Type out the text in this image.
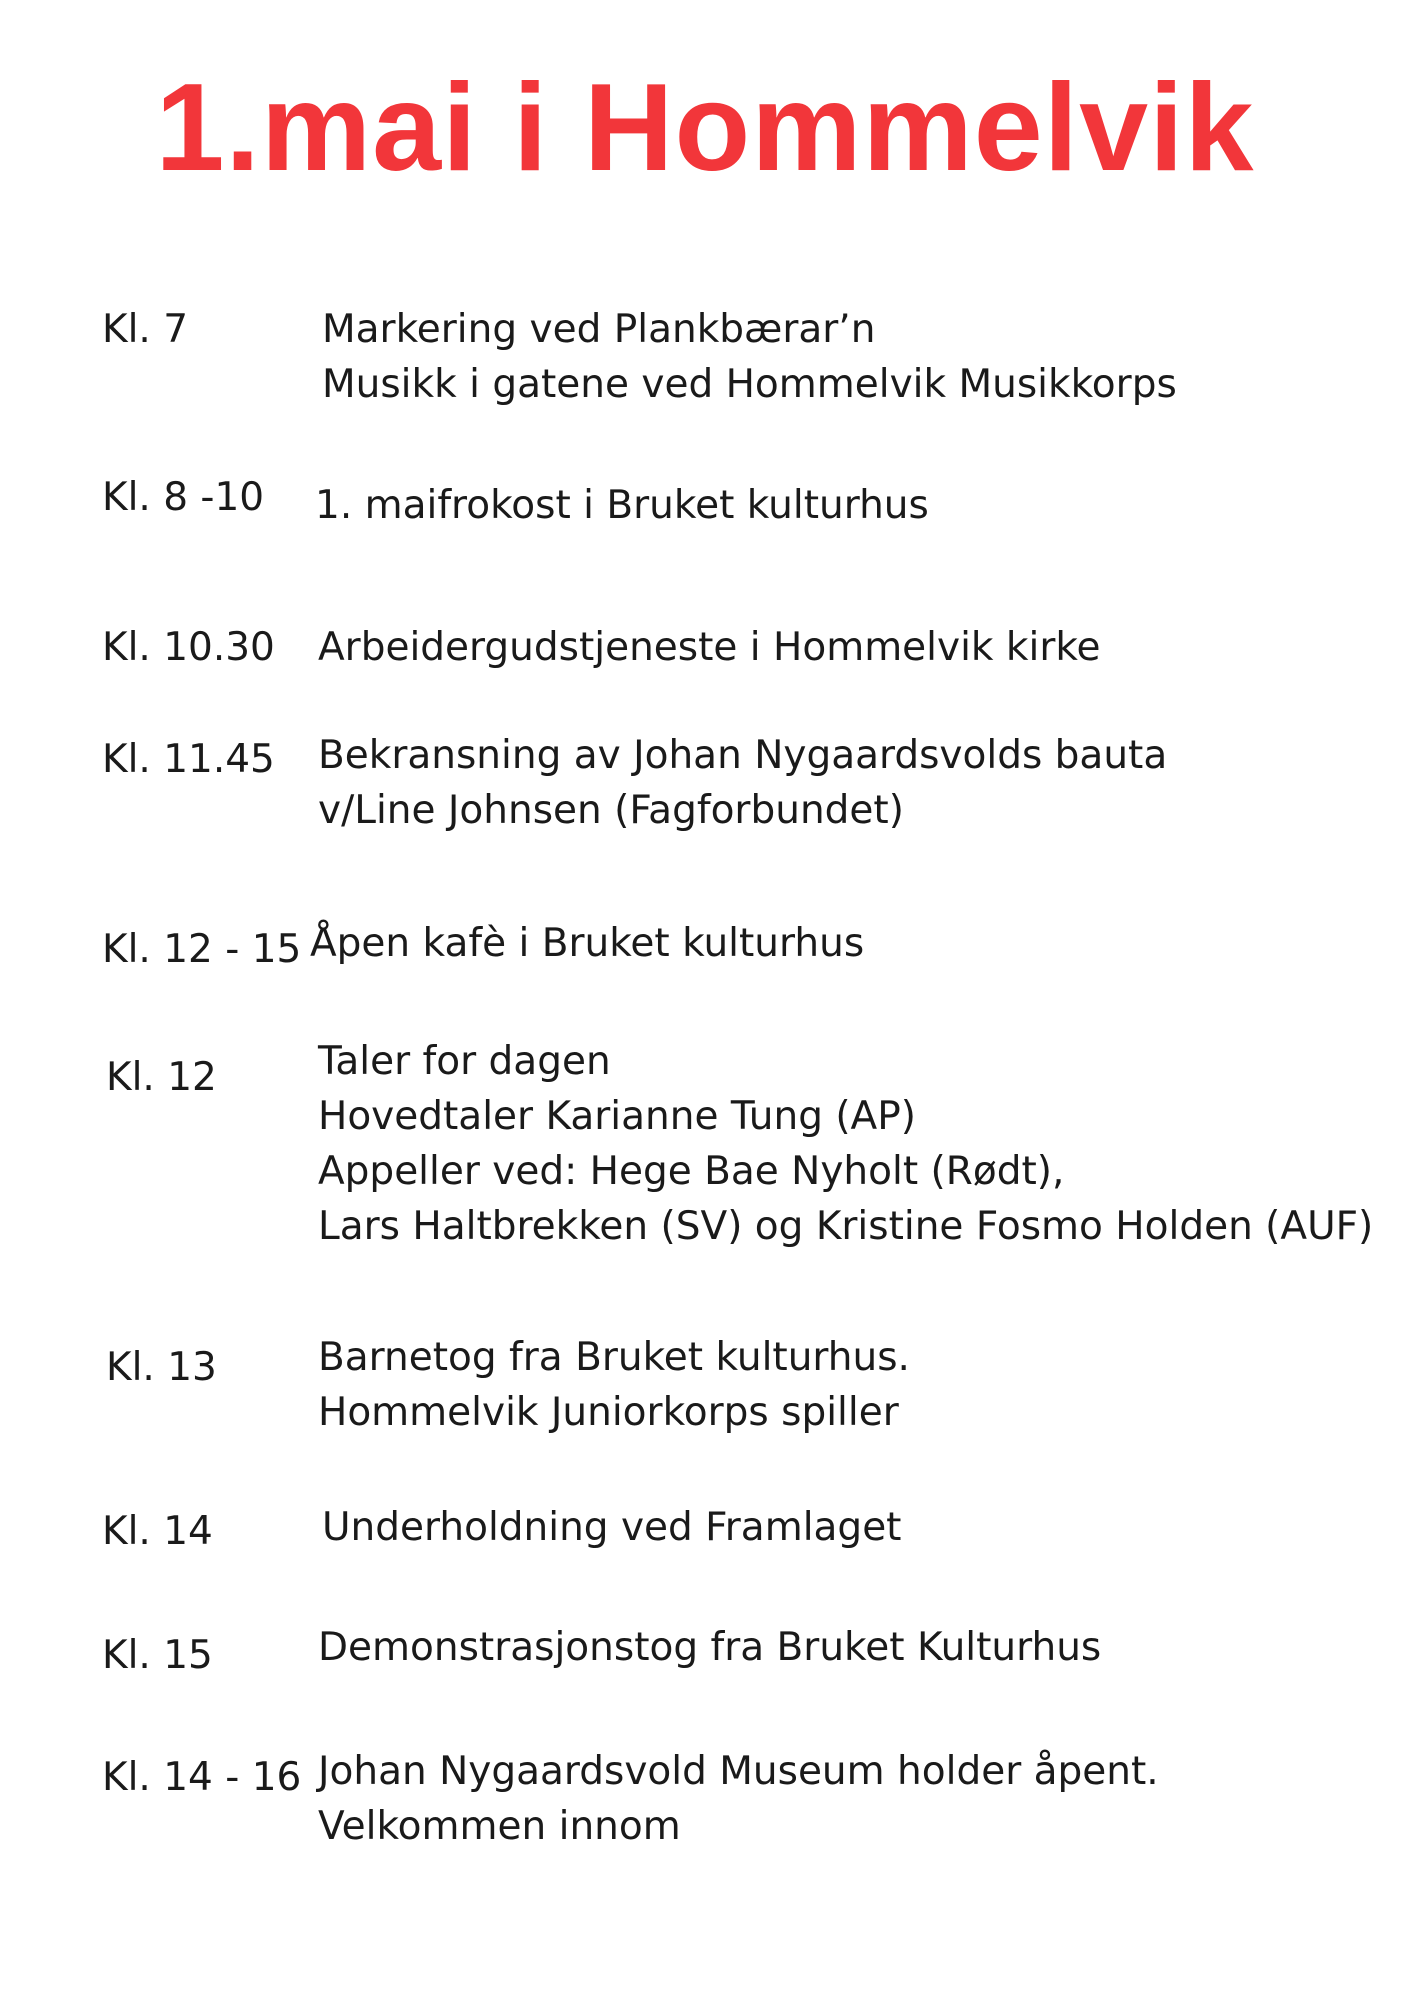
1.mai i Hommelvik
Kl. 7	Markering ved Plankbærar’n
Musikk i gatene ved Hommelvik Musikkorps
Kl. 8 -10 1. maifrokost i Bruket kulturhus
Kl. 10.30 Arbeidergudstjeneste i Hommelvik kirke
Kl. 11.45 Bekransning av Johan Nygaardsvolds bauta
v/Line Johnsen (Fagforbundet)
Kl. 12 - 15 Åpen kafè i Bruket kulturhus
Kl. 12	Taler for dagen
Hovedtaler Karianne Tung (AP)
Appeller ved: Hege Bae Nyholt (Rødt),
Lars Haltbrekken (SV) og Kristine Fosmo Holden (AUF)
Kl. 13	Barnetog fra Bruket kulturhus.
Hommelvik Juniorkorps spiller
Kl. 14	Underholdning ved Framlaget
Kl. 15	Demonstrasjonstog fra Bruket Kulturhus
Kl. 14 - 16 Johan Nygaardsvold Museum holder åpent.
Velkommen innom
